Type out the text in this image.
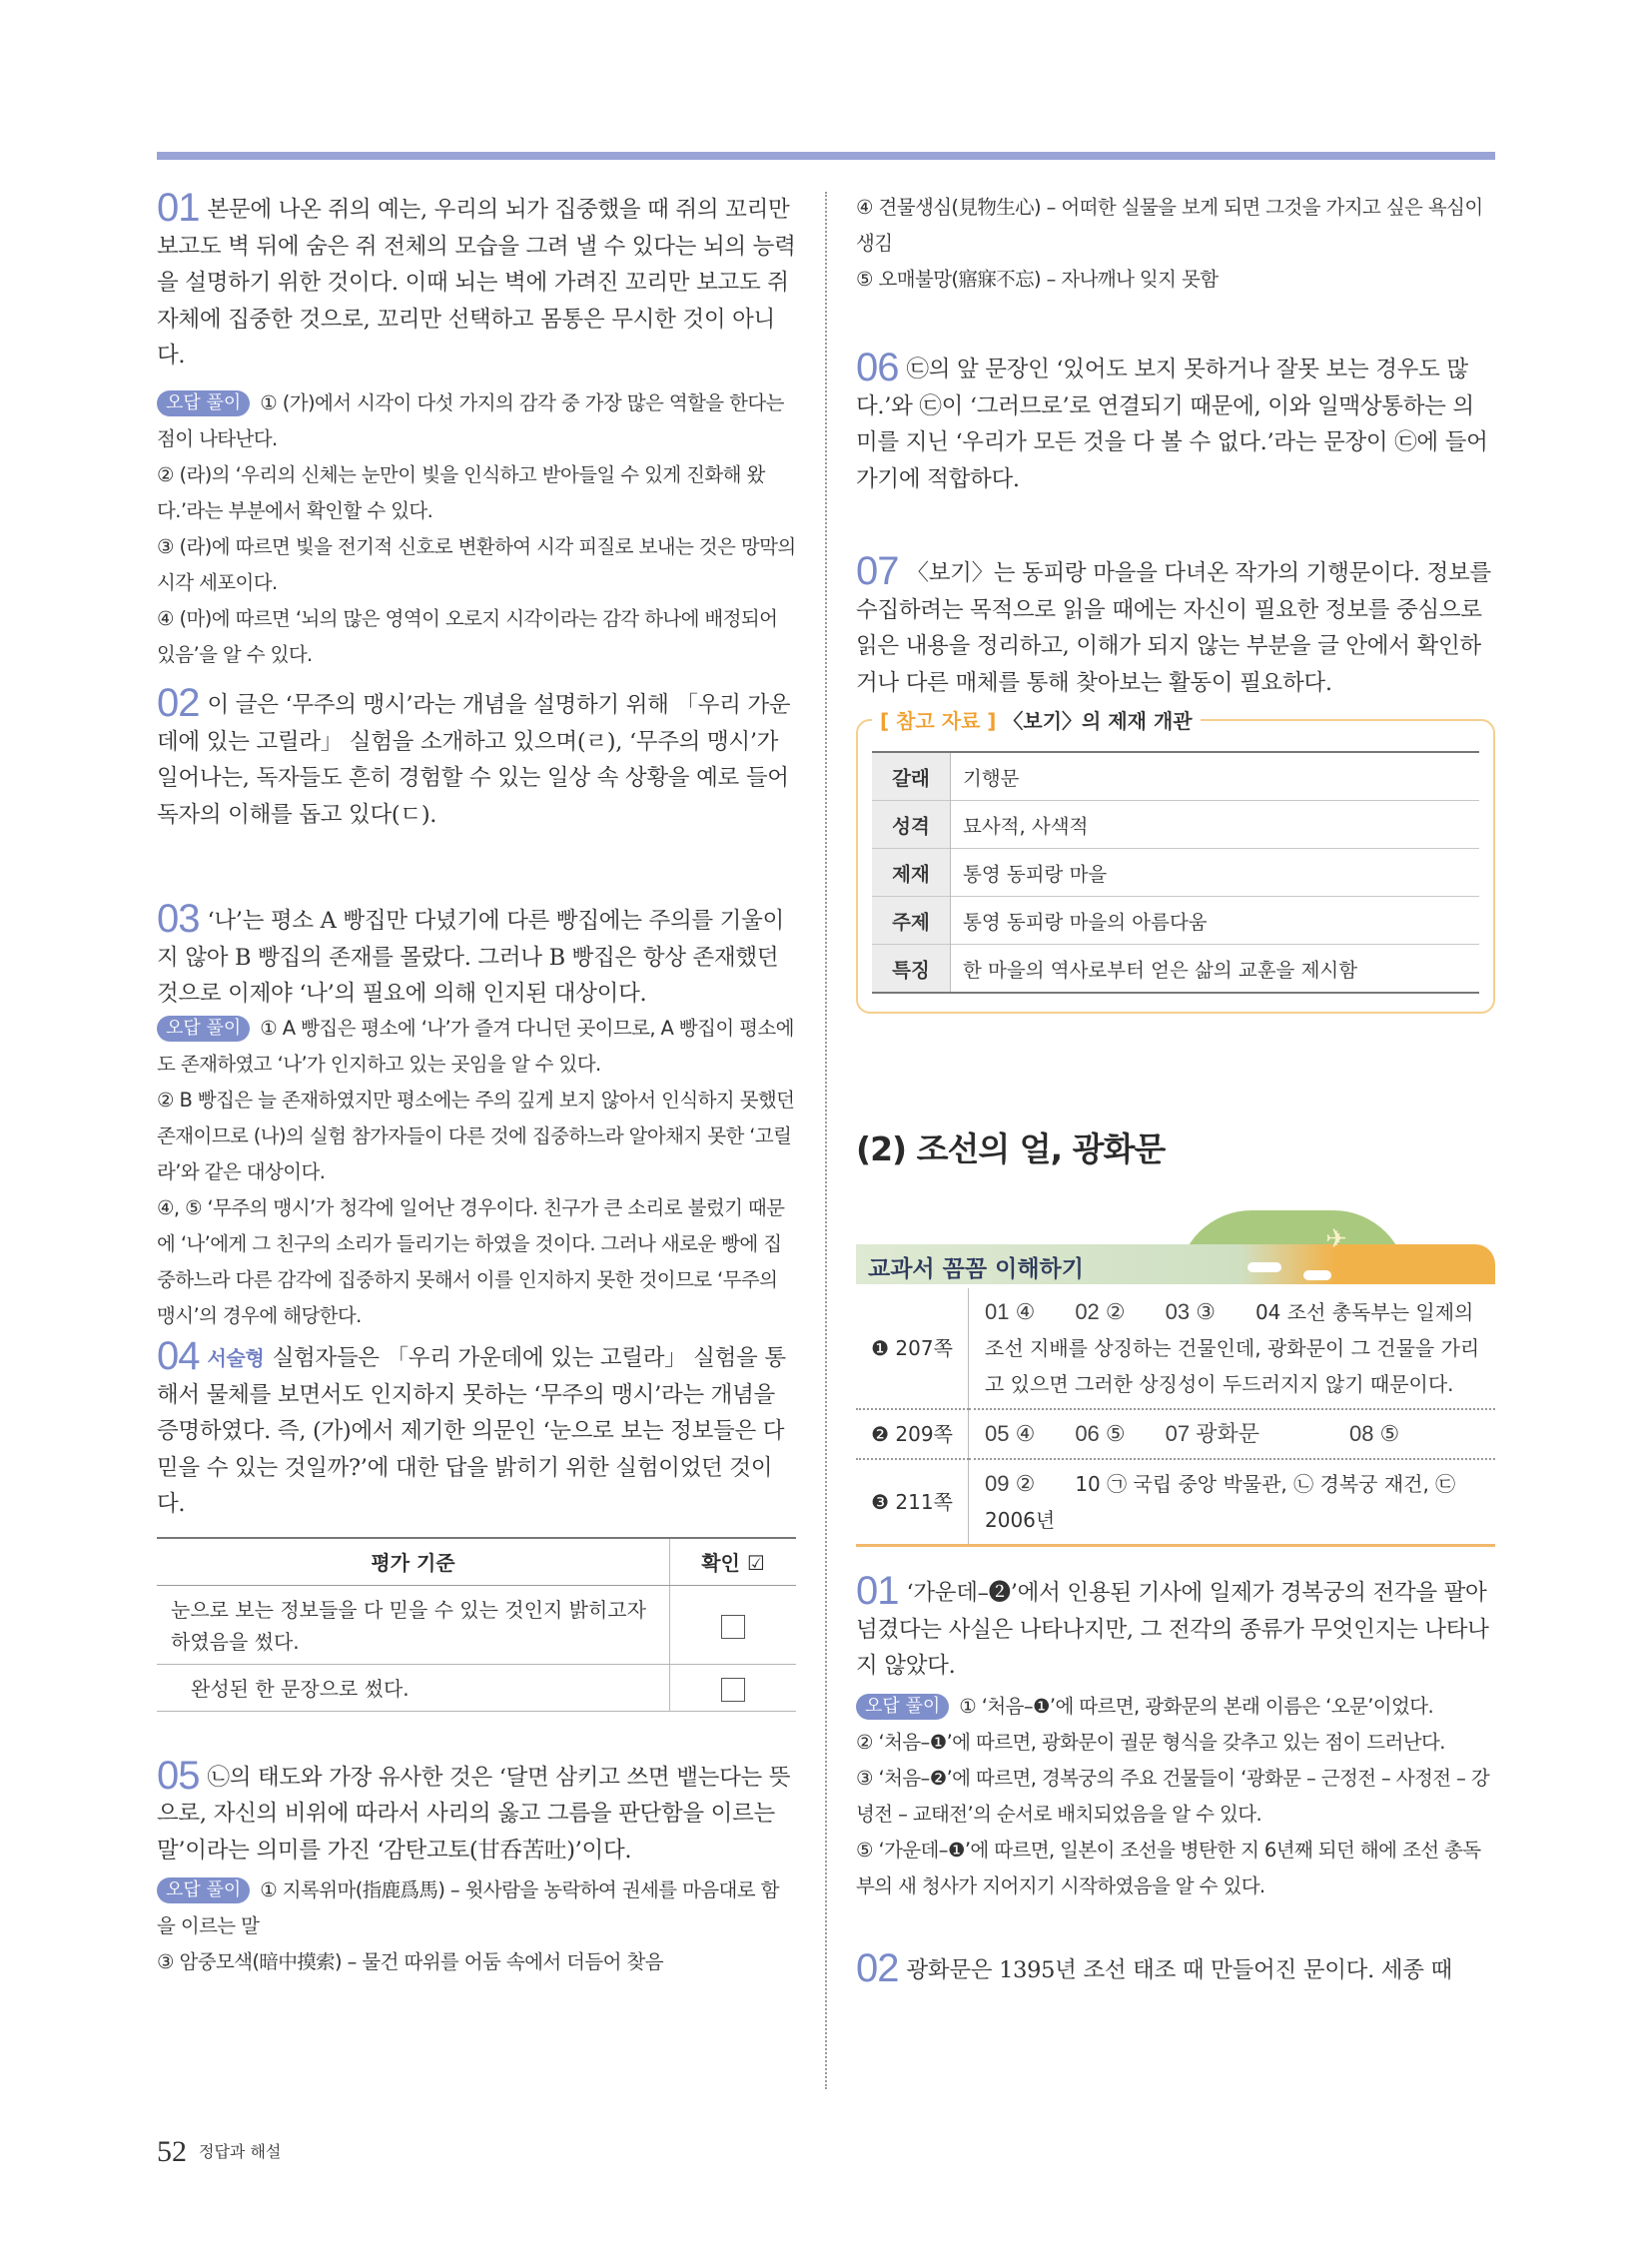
01 본문에 나온 쥐의 예는, 우리의 뇌가 집중했을 때 쥐의 꼬리만 보고도 벽 뒤에 숨은 쥐 전체의 모습을 그려 낼 수 있다는 뇌의 능력을 설명하기 위한 것이다. 이때 뇌는 벽에 가려진 꼬리만 보고도 쥐 자체에 집중한 것으로, 꼬리만 선택하고 몸통은 무시한 것이 아니다.
오답 풀이 ① (가)에서 시각이 다섯 가지의 감각 중 가장 많은 역할을 한다는 점이 나타난다.
② (라)의 ‘우리의 신체는 눈만이 빛을 인식하고 받아들일 수 있게 진화해 왔다.’라는 부분에서 확인할 수 있다.
③ (라)에 따르면 빛을 전기적 신호로 변환하여 시각 피질로 보내는 것은 망막의 시각 세포이다.
④ (마)에 따르면 ‘뇌의 많은 영역이 오로지 시각이라는 감각 하나에 배정되어 있음’을 알 수 있다.
02 이 글은 ‘무주의 맹시’라는 개념을 설명하기 위해 「우리 가운데에 있는 고릴라」 실험을 소개하고 있으며(ㄹ), ‘무주의 맹시’가 일어나는, 독자들도 흔히 경험할 수 있는 일상 속 상황을 예로 들어 독자의 이해를 돕고 있다(ㄷ).
03 ‘나’는 평소 A 빵집만 다녔기에 다른 빵집에는 주의를 기울이지 않아 B 빵집의 존재를 몰랐다. 그러나 B 빵집은 항상 존재했던 것으로 이제야 ‘나’의 필요에 의해 인지된 대상이다.
오답 풀이 ① A 빵집은 평소에 ‘나’가 즐겨 다니던 곳이므로, A 빵집이 평소에도 존재하였고 ‘나’가 인지하고 있는 곳임을 알 수 있다.
② B 빵집은 늘 존재하였지만 평소에는 주의 깊게 보지 않아서 인식하지 못했던 존재이므로 (나)의 실험 참가자들이 다른 것에 집중하느라 알아채지 못한 ‘고릴라’와 같은 대상이다.
④, ⑤ ‘무주의 맹시’가 청각에 일어난 경우이다. 친구가 큰 소리로 불렀기 때문에 ‘나’에게 그 친구의 소리가 들리기는 하였을 것이다. 그러나 새로운 빵에 집중하느라 다른 감각에 집중하지 못해서 이를 인지하지 못한 것이므로 ‘무주의 맹시’의 경우에 해당한다.
04 서술형 실험자들은 「우리 가운데에 있는 고릴라」 실험을 통해서 물체를 보면서도 인지하지 못하는 ‘무주의 맹시’라는 개념을 증명하였다. 즉, (가)에서 제기한 의문인 ‘눈으로 보는 정보들은 다 믿을 수 있는 것일까?’에 대한 답을 밝히기 위한 실험이었던 것이다.
평가 기준	확인 ☑
눈으로 보는 정보들을 다 믿을 수 있는 것인지 밝히고자 하였음을 썼다.	
완성된 한 문장으로 썼다.	
05 ㉡의 태도와 가장 유사한 것은 ‘달면 삼키고 쓰면 뱉는다는 뜻으로, 자신의 비위에 따라서 사리의 옳고 그름을 판단함을 이르는 말’이라는 의미를 가진 ‘감탄고토(甘呑苦吐)’이다.
오답 풀이 ① 지록위마(指鹿爲馬) – 윗사람을 농락하여 권세를 마음대로 함을 이르는 말
③ 암중모색(暗中摸索) – 물건 따위를 어둠 속에서 더듬어 찾음
④ 견물생심(見物生心) – 어떠한 실물을 보게 되면 그것을 가지고 싶은 욕심이 생김
⑤ 오매불망(寤寐不忘) – 자나깨나 잊지 못함
06 ㉢의 앞 문장인 ‘있어도 보지 못하거나 잘못 보는 경우도 많다.’와 ㉢이 ‘그러므로’로 연결되기 때문에, 이와 일맥상통하는 의미를 지닌 ‘우리가 모든 것을 다 볼 수 없다.’라는 문장이 ㉢에 들어가기에 적합하다.
07 〈보기〉는 동피랑 마을을 다녀온 작가의 기행문이다. 정보를 수집하려는 목적으로 읽을 때에는 자신이 필요한 정보를 중심으로 읽은 내용을 정리하고, 이해가 되지 않는 부분을 글 안에서 확인하거나 다른 매체를 통해 찾아보는 활동이 필요하다.
[ 참고 자료 ] 〈보기〉의 제재 개관
갈래	기행문
성격	묘사적, 사색적
제재	통영 동피랑 마을
주제	통영 동피랑 마을의 아름다움
특징	한 마을의 역사로부터 얻은 삶의 교훈을 제시함
(2) 조선의 얼, 광화문
✈
교과서 꼼꼼 이해하기
❶ 207쪽	01 ④ 02 ② 03 ③ 04 조선 총독부는 일제의 조선 지배를 상징하는 건물인데, 광화문이 그 건물을 가리고 있으면 그러한 상징성이 두드러지지 않기 때문이다.
❷ 209쪽	05 ④ 06 ⑤ 07 광화문 08 ⑤
❸ 211쪽	09 ② 10 ㉠ 국립 중앙 박물관, ㉡ 경복궁 재건, ㉢ 2006년
01 ‘가운데–❷’에서 인용된 기사에 일제가 경복궁의 전각을 팔아 넘겼다는 사실은 나타나지만, 그 전각의 종류가 무엇인지는 나타나지 않았다.
오답 풀이 ① ‘처음–❶’에 따르면, 광화문의 본래 이름은 ‘오문’이었다.
② ‘처음–❶’에 따르면, 광화문이 궐문 형식을 갖추고 있는 점이 드러난다.
③ ‘처음–❷’에 따르면, 경복궁의 주요 건물들이 ‘광화문 – 근정전 – 사정전 – 강녕전 – 교태전’의 순서로 배치되었음을 알 수 있다.
⑤ ‘가운데–❶’에 따르면, 일본이 조선을 병탄한 지 6년째 되던 해에 조선 총독부의 새 청사가 지어지기 시작하였음을 알 수 있다.
02 광화문은 1395년 조선 태조 때 만들어진 문이다. 세종 때
52 정답과 해설
